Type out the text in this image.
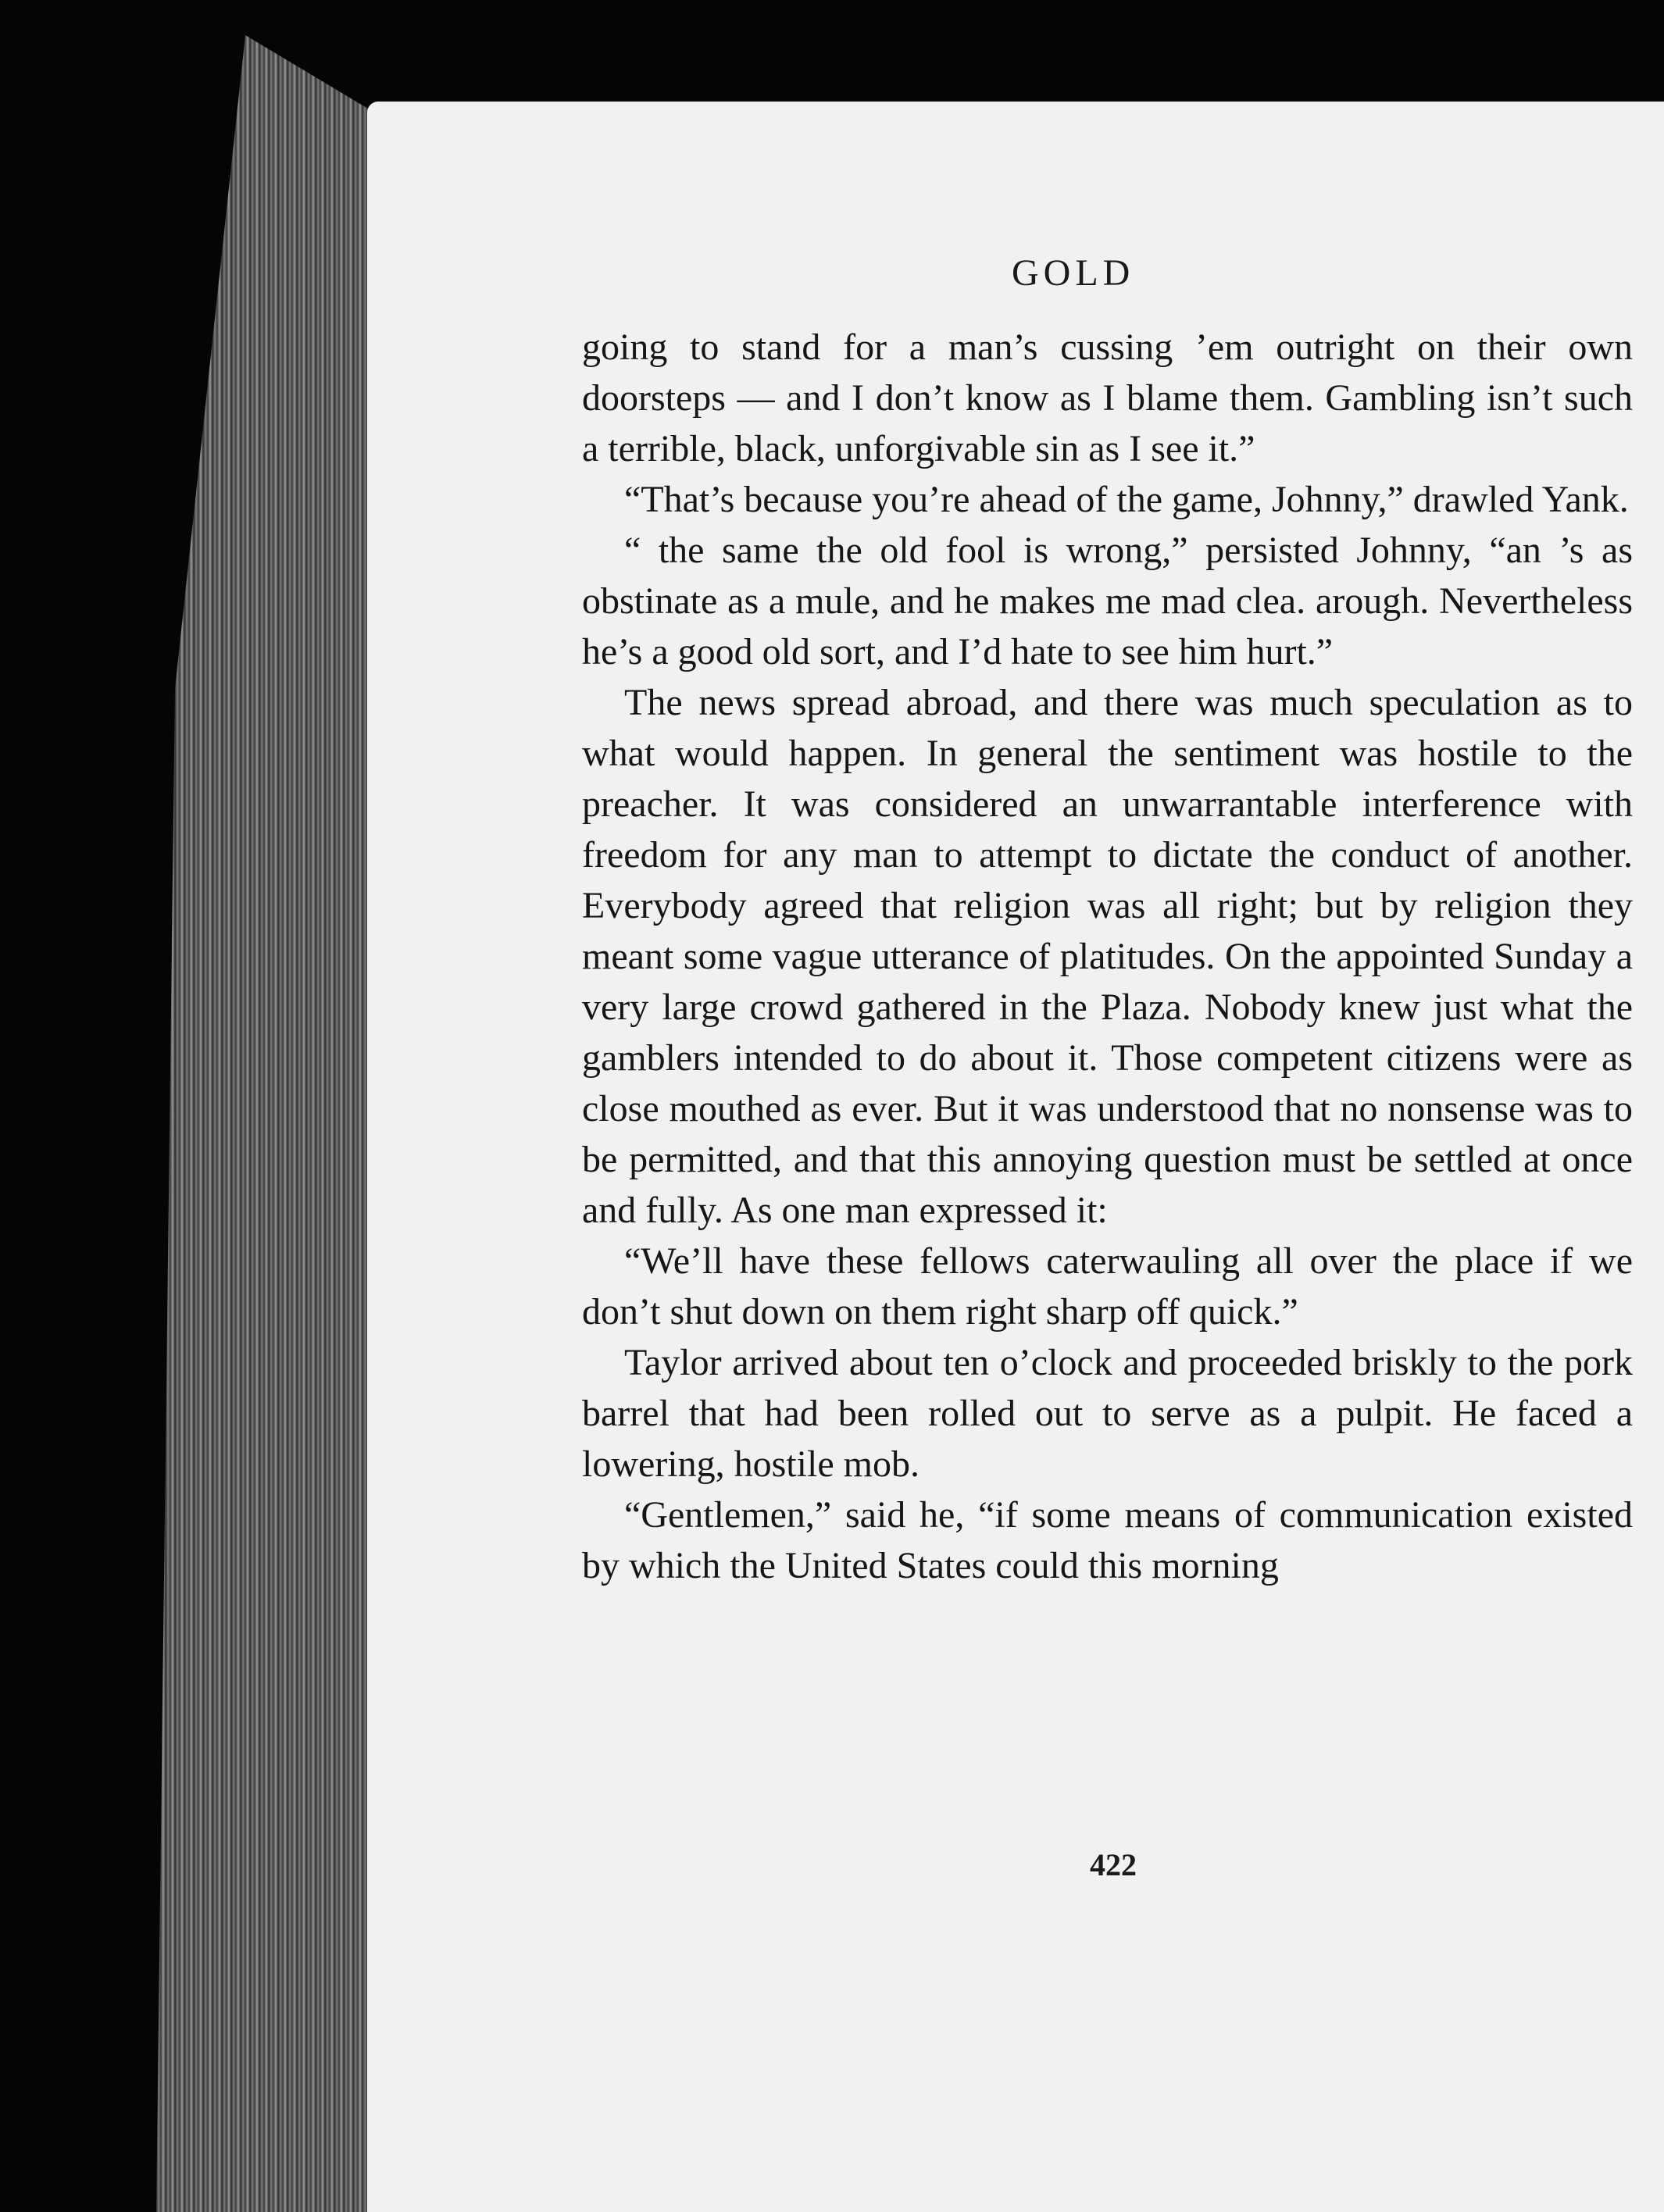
GOLD

going to stand for a man’s cussing ’em outright on their own doorsteps — and I don’t know as I blame them. Gambling isn’t such a terrible, black, unforgivable sin as I see it.”

“That’s because you’re ahead of the game, Johnny,” drawled Yank.

“ the same the old fool is wrong,” persisted Johnny, “an ’s as obstinate as a mule, and he makes me mad clea. arough. Nevertheless he’s a good old sort, and I’d hate to see him hurt.”

The news spread abroad, and there was much speculation as to what would happen. In general the sentiment was hostile to the preacher. It was considered an unwarrantable interference with freedom for any man to attempt to dictate the conduct of another. Everybody agreed that religion was all right; but by religion they meant some vague utterance of platitudes. On the appointed Sunday a very large crowd gathered in the Plaza. Nobody knew just what the gamblers intended to do about it. Those competent citizens were as close mouthed as ever. But it was understood that no nonsense was to be permitted, and that this annoying question must be settled at once and fully. As one man expressed it:

“We’ll have these fellows caterwauling all over the place if we don’t shut down on them right sharp off quick.”

Taylor arrived about ten o’clock and proceeded briskly to the pork barrel that had been rolled out to serve as a pulpit. He faced a lowering, hostile mob.

“Gentlemen,” said he, “if some means of communication existed by which the United States could this morning

422
